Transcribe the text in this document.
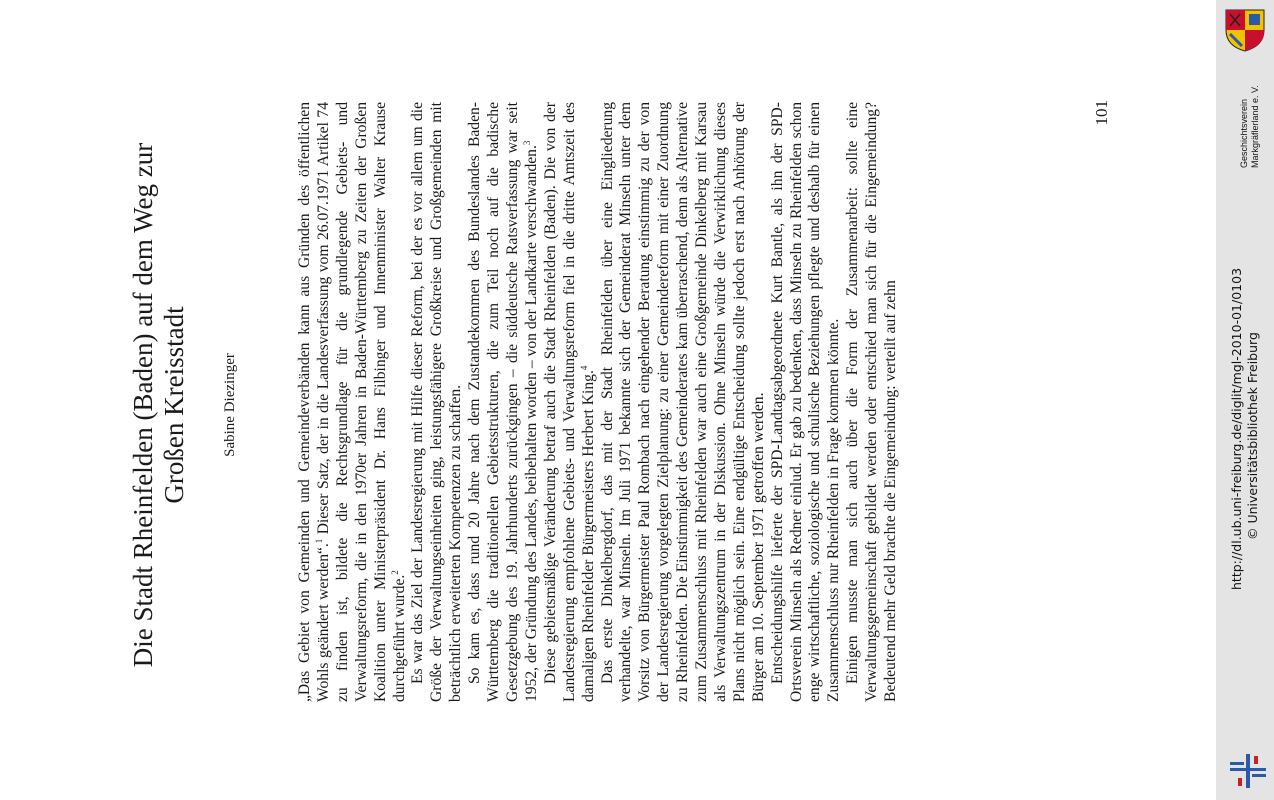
Die Stadt Rheinfelden (Baden) auf dem Weg zur Großen Kreisstadt Sabine Diezinger	„Das Gebiet von Gemeinden und Gemeindeverbänden kann aus Gründen des öffentlichen Wohls geändert werden“.$^1$ Dieser Satz, der in die Landesverfassung vom 26.07.1971 Artikel 74 zu finden ist, bildete die Rechtsgrundlage für die grundlegende Gebiets- und Verwaltungsreform, die in den 1970er Jahren in Baden-Württemberg zu Zeiten der Großen Koalition unter Ministerpräsident Dr. Hans Filbinger und Innenminister Walter Krause durchgeführt wurde.$^2$ Es war das Ziel der Landesregierung mit Hilfe dieser Reform, bei der es vor allem um die Größe der Verwaltungseinheiten ging, leistungsfähigere Großkreise und Großgemeinden mit beträchtlich erweiterten Kompetenzen zu schaffen. So kam es, dass rund 20 Jahre nach dem Zustandekommen des Bundeslandes Baden-Württemberg die traditionellen Gebietsstrukturen, die zum Teil noch auf die badische Gesetzgebung des 19. Jahrhunderts zurückgingen – die süddeutsche Ratsverfassung war seit 1952, der Gründung des Landes, beibehalten worden – von der Landkarte verschwanden.$^3$ Diese gebietsmäßige Veränderung betraf auch die Stadt Rheinfelden (Baden). Die von der Landesregierung empfohlene Gebiets- und Verwaltungsreform fiel in die dritte Amtszeit des damaligen Rheinfelder Bürgermeisters Herbert King.$^4$ Das erste Dinkelbergdorf, das mit der Stadt Rheinfelden über eine Eingliederung verhandelte, war Minseln. Im Juli 1971 bekannte sich der Gemeinderat Minseln unter dem Vorsitz von Bürgermeister Paul Rombach nach eingehender Beratung einstimmig zu der von der Landesregierung vorgelegten Zielplanung: zu einer Gemeindereform mit einer Zuordnung zu Rheinfelden. Die Einstimmigkeit des Gemeinderates kam überraschend, denn als Alternative zum Zusammenschluss mit Rheinfelden war auch eine Großgemeinde Dinkelberg mit Karsau als Verwaltungszentrum in der Diskussion. Ohne Minseln würde die Verwirklichung dieses Plans nicht möglich sein. Eine endgültige Entscheidung sollte jedoch erst nach Anhörung der Bürger am 10. September 1971 getroffen werden. Entscheidungshilfe lieferte der SPD-Landtagsabgeordnete Kurt Bantle, als ihn der SPD-Ortsverein Minseln als Redner einlud. Er gab zu bedenken, dass Minseln zu Rheinfelden schon enge wirtschaftliche, soziologische und schulische Beziehungen pflegte und deshalb für einen Zusammenschluss nur Rheinfelden in Frage kommen könnte. Einigen musste man sich auch über die Form der Zusammenarbeit: sollte eine Verwaltungsgemeinschaft gebildet werden oder entschied man sich für die Eingemeindung? Bedeutend mehr Geld brachte die Eingemeindung: verteilt auf zehn

101
http://dl.ub.uni-freiburg.de/diglit/mgl-2010-01/0103 © Universitätsbibliothek Freiburg
Geschichtsverein Markgräflerland e. V.
